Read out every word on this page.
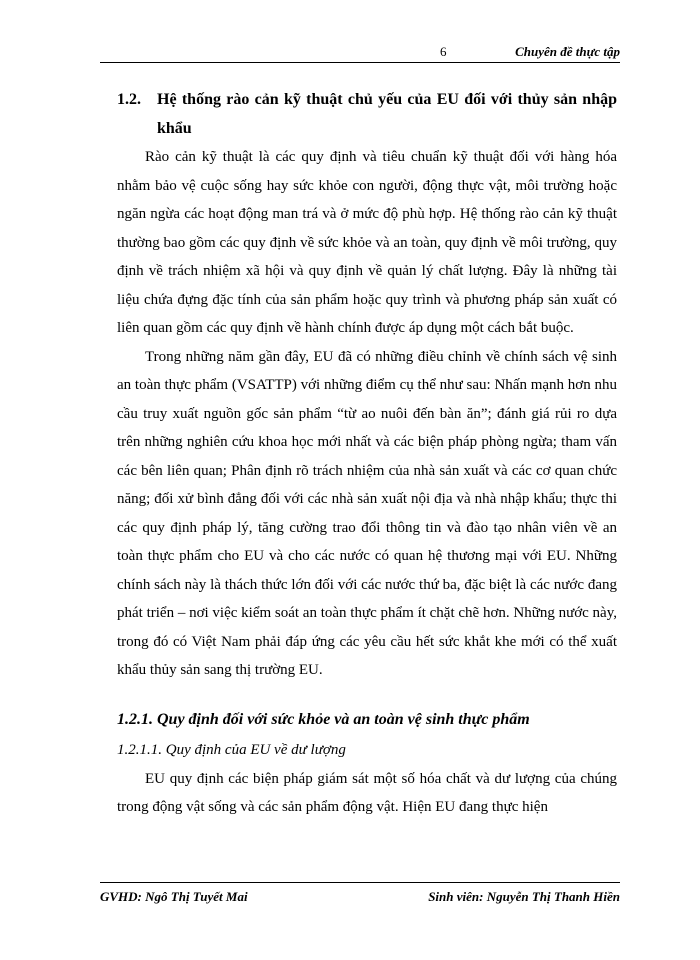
6	Chuyên đề thực tập
1.2.	Hệ thống rào cản kỹ thuật chủ yếu của EU đối với thủy sản nhập khẩu

Rào cản kỹ thuật là các quy định và tiêu chuẩn kỹ thuật đối với hàng hóa nhằm bảo vệ cuộc sống hay sức khỏe con người, động thực vật, môi trường hoặc ngăn ngừa các hoạt động man trá và ở mức độ phù hợp. Hệ thống rào cản kỹ thuật thường bao gồm các quy định về sức khỏe và an toàn, quy định về môi trường, quy định về trách nhiệm xã hội và quy định về quản lý chất lượng. Đây là những tài liệu chứa đựng đặc tính của sản phẩm hoặc quy trình và phương pháp sản xuất có liên quan gồm các quy định về hành chính được áp dụng một cách bắt buộc.

Trong những năm gần đây, EU đã có những điều chỉnh về chính sách vệ sinh an toàn thực phẩm (VSATTP) với những điểm cụ thể như sau: Nhấn mạnh hơn nhu cầu truy xuất nguồn gốc sản phẩm “từ ao nuôi đến bàn ăn”; đánh giá rủi ro dựa trên những nghiên cứu khoa học mới nhất và các biện pháp phòng ngừa; tham vấn các bên liên quan; Phân định rõ trách nhiệm của nhà sản xuất và các cơ quan chức năng; đối xử bình đẳng đối với các nhà sản xuất nội địa và nhà nhập khẩu; thực thi các quy định pháp lý, tăng cường trao đổi thông tin và đào tạo nhân viên về an toàn thực phẩm cho EU và cho các nước có quan hệ thương mại với EU. Những chính sách này là thách thức lớn đối với các nước thứ ba, đặc biệt là các nước đang phát triển – nơi việc kiểm soát an toàn thực phẩm ít chặt chẽ hơn. Những nước này, trong đó có Việt Nam phải đáp ứng các yêu cầu hết sức khắt khe mới có thể xuất khẩu thủy sản sang thị trường EU.

1.2.1. Quy định đối với sức khỏe và an toàn vệ sinh thực phẩm
1.2.1.1. Quy định của EU về dư lượng

EU quy định các biện pháp giám sát một số hóa chất và dư lượng của chúng trong động vật sống và các sản phẩm động vật. Hiện EU đang thực hiện

GVHD: Ngô Thị Tuyết Mai	Sinh viên: Nguyễn Thị Thanh Hiền
